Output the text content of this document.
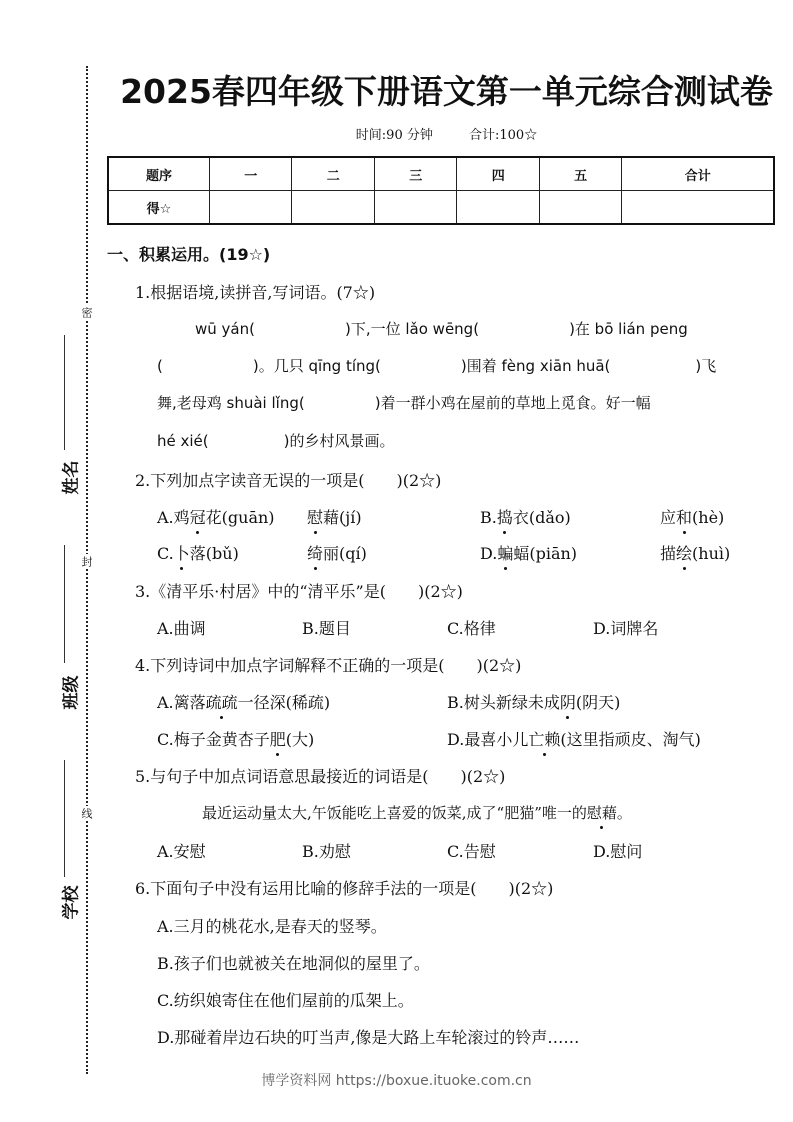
密
封
线
姓名
班级
学校
2025春四年级下册语文第一单元综合测试卷
时间:90 分钟	合计:100☆
题序	一	二	三	四	五	合计
得☆						
一、积累运用。(19☆)
1.根据语境,读拼音,写词语。(7☆)
wū yán(	)下,一位 lǎo wēng(	)在 bō lián peng
(	)。几只 qīng tíng(	)围着 fèng xiān huā(	)飞
舞,老母鸡 shuài lǐng(	)着一群小鸡在屋前的草地上觅食。好一幅
hé xié(	)的乡村风景画。
2.下列加点字读音无误的一项是(　　)(2☆)
A.鸡冠花(guān) 慰藉(jí)	B.捣衣(dǎo)	应和(hè)
C.卜落(bǔ)	绮丽(qí)	D.蝙蝠(piān)	描绘(huì)
3.《清平乐·村居》中的“清平乐”是(　　)(2☆)
A.曲调	B.题目	C.格律	D.词牌名
4.下列诗词中加点字词解释不正确的一项是(　　)(2☆)
A.篱落疏疏一径深(稀疏)	B.树头新绿未成阴(阴天)
C.梅子金黄杏子肥(大)	D.最喜小儿亡赖(这里指顽皮、淘气)
5.与句子中加点词语意思最接近的词语是(　　)(2☆)
最近运动量太大,午饭能吃上喜爱的饭菜,成了“肥猫”唯一的慰藉。
A.安慰	B.劝慰	C.告慰	D.慰问
6.下面句子中没有运用比喻的修辞手法的一项是(　　)(2☆)
A.三月的桃花水,是春天的竖琴。
B.孩子们也就被关在地洞似的屋里了。
C.纺织娘寄住在他们屋前的瓜架上。
D.那碰着岸边石块的叮当声,像是大路上车轮滚过的铃声……
博学资料网 https://boxue.ituoke.com.cn
